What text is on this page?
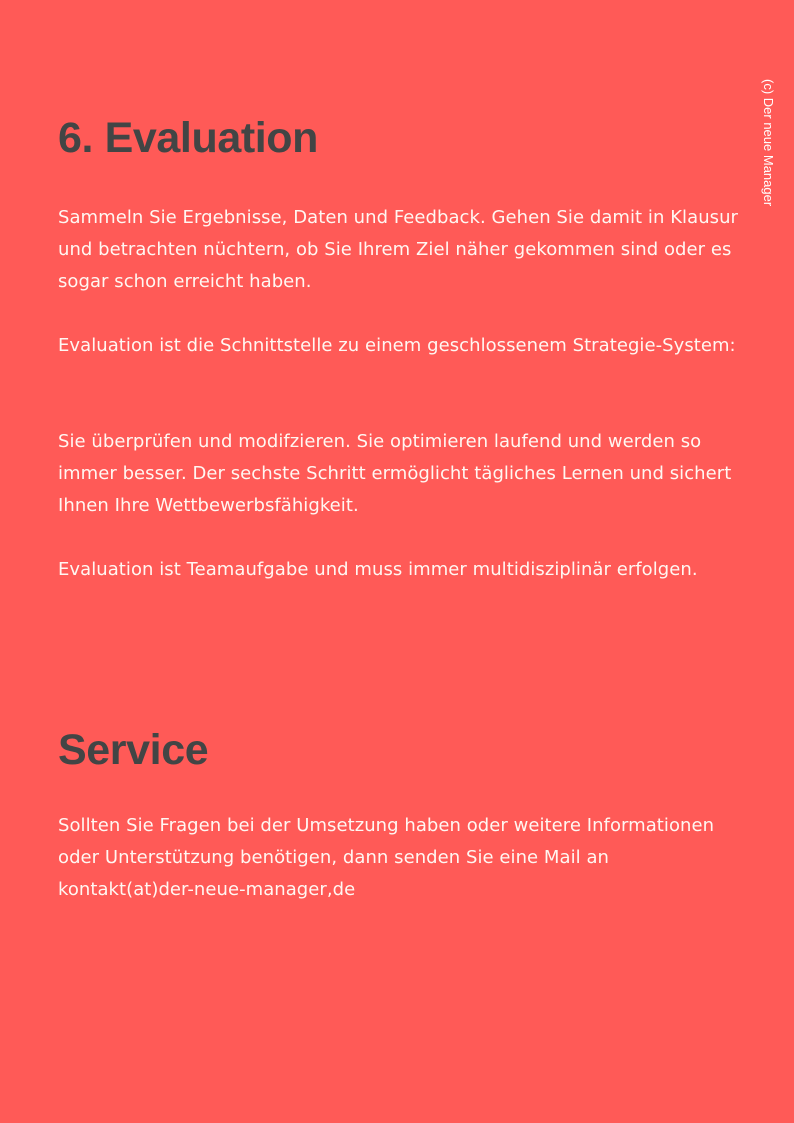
(c) Der neue Manager
6. Evaluation

Sammeln Sie Ergebnisse, Daten und Feedback. Gehen Sie damit in Klausur und betrachten nüchtern, ob Sie Ihrem Ziel näher gekommen sind oder es sogar schon erreicht haben.

Evaluation ist die Schnittstelle zu einem geschlossenem Strategie-System:

Sie überprüfen und modifzieren. Sie optimieren laufend und werden so immer besser. Der sechste Schritt ermöglicht tägliches Lernen und sichert Ihnen Ihre Wettbewerbsfähigkeit.

Evaluation ist Teamaufgabe und muss immer multidisziplinär erfolgen.

Service

Sollten Sie Fragen bei der Umsetzung haben oder weitere Informationen oder Unterstützung benötigen, dann senden Sie eine Mail an kontakt(at)der-neue-manager,de
